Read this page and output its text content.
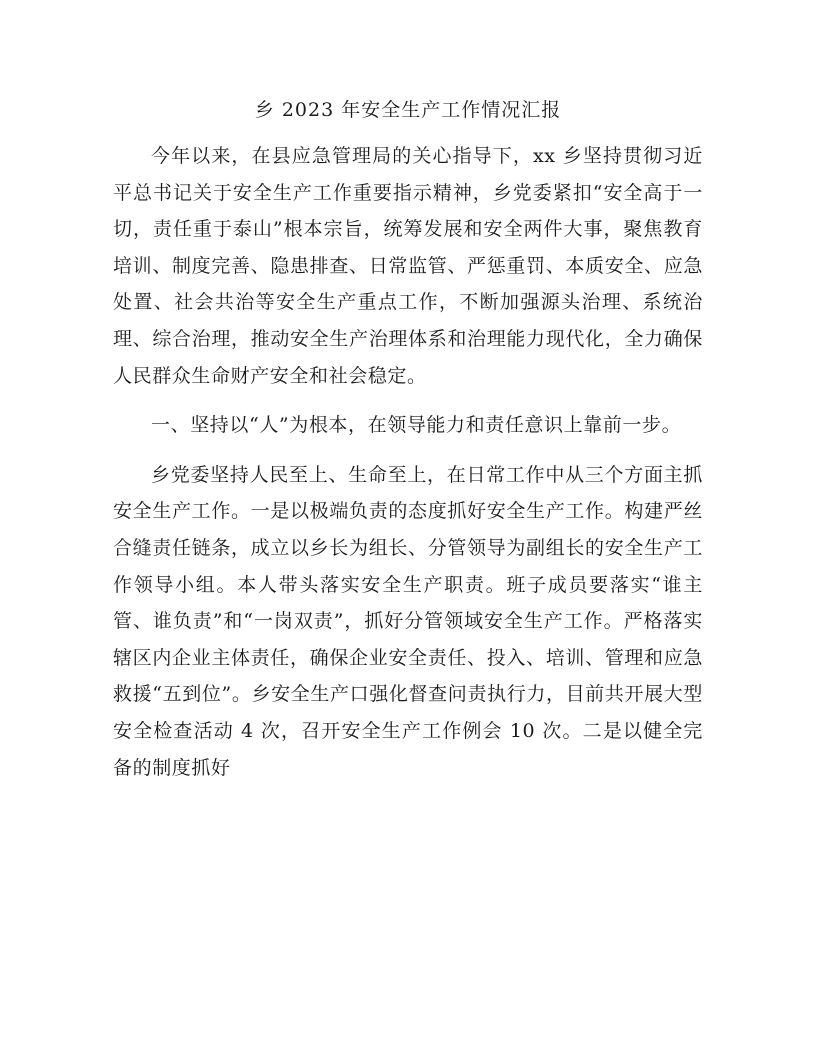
乡 2023 年安全生产工作情况汇报

今年以来，在县应急管理局的关心指导下，xx 乡坚持贯彻习近平总书记关于安全生产工作重要指示精神，乡党委紧扣“安全高于一切，责任重于泰山”根本宗旨，统筹发展和安全两件大事，聚焦教育培训、制度完善、隐患排查、日常监管、严惩重罚、本质安全、应急处置、社会共治等安全生产重点工作，不断加强源头治理、系统治理、综合治理，推动安全生产治理体系和治理能力现代化，全力确保人民群众生命财产安全和社会稳定。

一、坚持以“人”为根本，在领导能力和责任意识上靠前一步。

乡党委坚持人民至上、生命至上，在日常工作中从三个方面主抓安全生产工作。一是以极端负责的态度抓好安全生产工作。构建严丝合缝责任链条，成立以乡长为组长、分管领导为副组长的安全生产工作领导小组。本人带头落实安全生产职责。班子成员要落实“谁主管、谁负责”和“一岗双责”，抓好分管领域安全生产工作。严格落实辖区内企业主体责任，确保企业安全责任、投入、培训、管理和应急救援“五到位”。乡安全生产口强化督查问责执行力，目前共开展大型安全检查活动 4 次，召开安全生产工作例会 10 次。二是以健全完备的制度抓好
